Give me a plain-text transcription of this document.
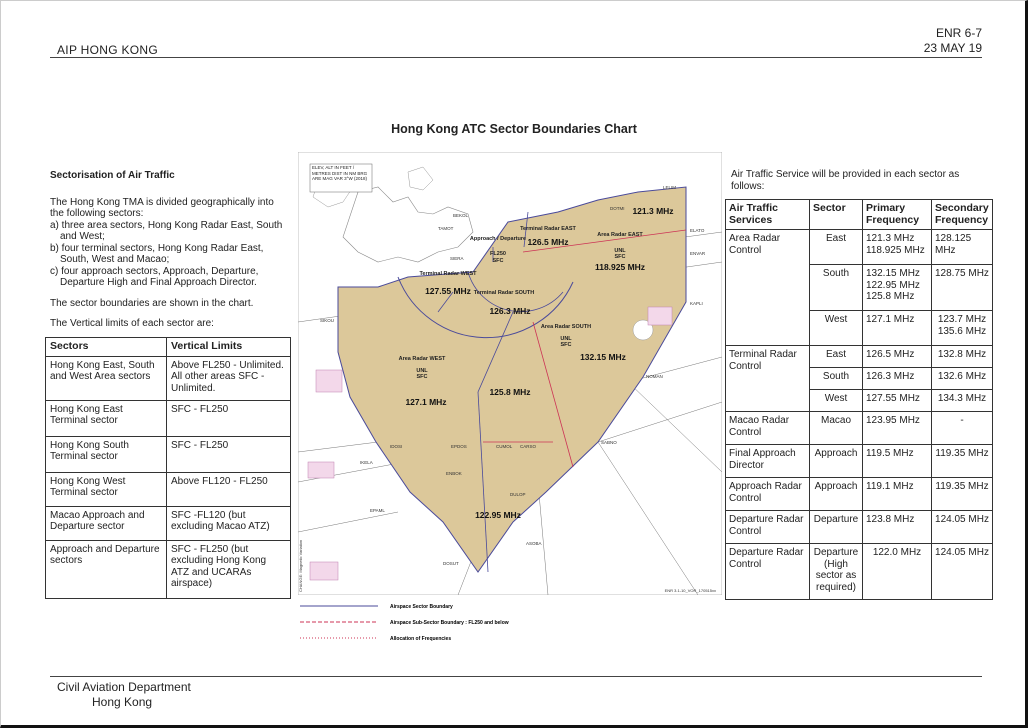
AIP HONG KONG
ENR 6-7
23 MAY 19
Hong Kong ATC Sector Boundaries Chart
Sectorisation of Air Traffic

The Hong Kong TMA is divided geographically into the following sectors:

a) three area sectors, Hong Kong Radar East, South and West;
b) four terminal sectors, Hong Kong Radar East, South, West and Macao;
c) four approach sectors, Approach, Departure, Departure High and Final Approach Director.

The sector boundaries are shown in the chart.

The Vertical limits of each sector are:

Sectors	Vertical Limits
Hong Kong East, South and West Area sectors	Above FL250 - Unlimited. All other areas SFC - Unlimited.
Hong Kong East Terminal sector	SFC - FL250
Hong Kong South Terminal sector	SFC - FL250
Hong Kong West Terminal sector	Above FL120 - FL250
Macao Approach and Departure sector	SFC -FL120 (but excluding Macao ATZ)
Approach and Departure sectors	SFC - FL250 (but excluding Hong Kong ATZ and UCARAs airspace)
ELEV, ALT IN FEET / METRES DIST IN NM BRG ARE MAG VAR 3°W (2018)
Approach / Departure
FL250
SFC
Terminal Radar EAST
Area Radar EAST
UNL
SFC
Terminal Radar WEST
Terminal Radar SOUTH
Area Radar SOUTH
UNL
SFC
Area Radar WEST
UNL
SFC
121.3 MHz
126.5 MHz
118.925 MHz
127.55 MHz
126.3 MHz
132.15 MHz
127.1 MHz
125.8 MHz
122.95 MHz
SIKOU
BEKOL
TAMOT
SIERA
DOTMI
LELIM
ELATO
ENVAR
KAPLI
NOMAN
SABNO
DULOP
ASOBA
DOSUT
EPDOS
ENBOK
IDOSI
IKELA
EPAML
CUMOL CARSO
ENR 3.1-10_VOR_170515xx
CHANGE: Magnetic Variation
Airspace Sector Boundary
Airspace Sub-Sector Boundary : FL250 and below
Allocation of Frequencies
Air Traffic Service will be provided in each sector as follows:
Air Traffic Services	Sector	Primary Frequency	Secondary Frequency
Area Radar Control	East	121.3 MHz 118.925 MHz	128.125 MHz
	South	132.15 MHz 122.95 MHz 125.8 MHz	128.75 MHz
	West	127.1 MHz	123.7 MHz 135.6 MHz
Terminal Radar Control	East	126.5 MHz	132.8 MHz
	South	126.3 MHz	132.6 MHz
	West	127.55 MHz	134.3 MHz
Macao Radar Control	Macao	123.95 MHz	-
Final Approach Director	Approach	119.5 MHz	119.35 MHz
Approach Radar Control	Approach	119.1 MHz	119.35 MHz
Departure Radar Control	Departure	123.8 MHz	124.05 MHz
Departure Radar Control	Departure (High sector as required)	122.0 MHz	124.05 MHz
Civil Aviation Department
Hong Kong
